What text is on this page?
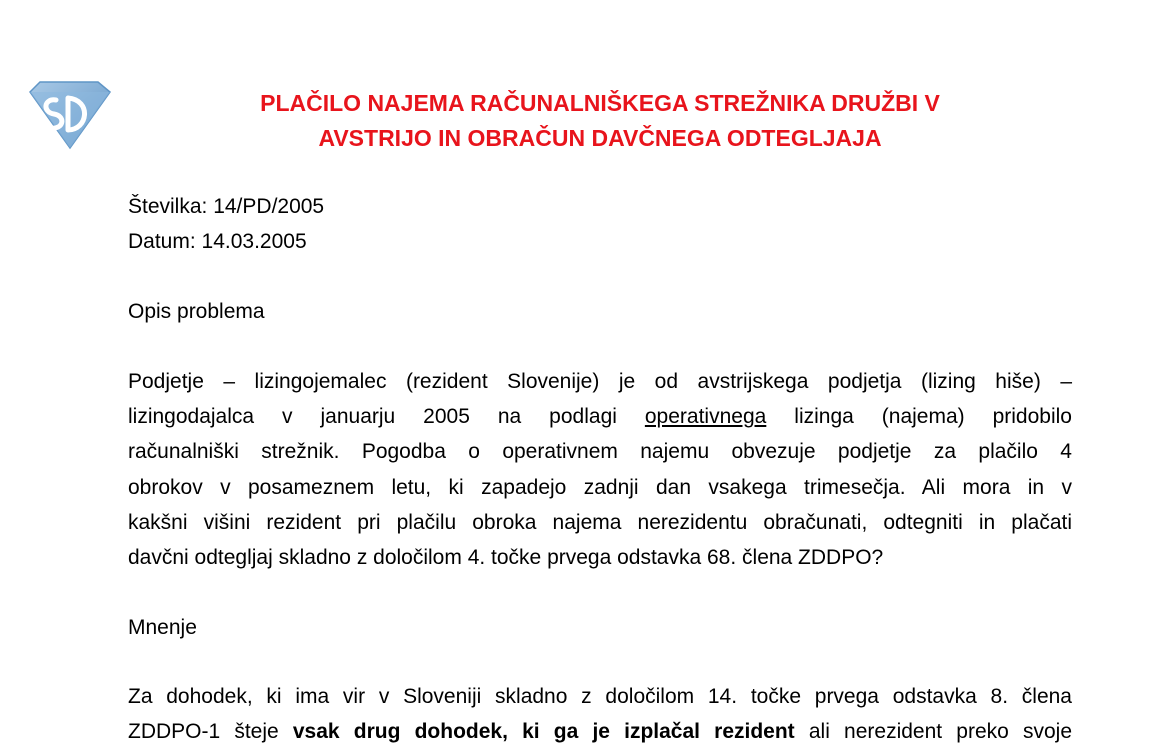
PLAČILO NAJEMA RAČUNALNIŠKEGA STREŽNIKA DRUŽBI V
AVSTRIJO IN OBRAČUN DAVČNEGA ODTEGLJAJA
Številka: 14/PD/2005
Datum: 14.03.2005
Opis problema
Podjetje – lizingojemalec (rezident Slovenije) je od avstrijskega podjetja (lizing hiše) –
lizingodajalca v januarju 2005 na podlagi operativnega lizinga (najema) pridobilo
računalniški strežnik. Pogodba o operativnem najemu obvezuje podjetje za plačilo 4
obrokov v posameznem letu, ki zapadejo zadnji dan vsakega trimesečja. Ali mora in v
kakšni višini rezident pri plačilu obroka najema nerezidentu obračunati, odtegniti in plačati
davčni odtegljaj skladno z določilom 4. točke prvega odstavka 68. člena ZDDPO?
Mnenje
Za dohodek, ki ima vir v Sloveniji skladno z določilom 14. točke prvega odstavka 8. člena
ZDDPO-1 šteje vsak drug dohodek, ki ga je izplačal rezident ali nerezident preko svoje
